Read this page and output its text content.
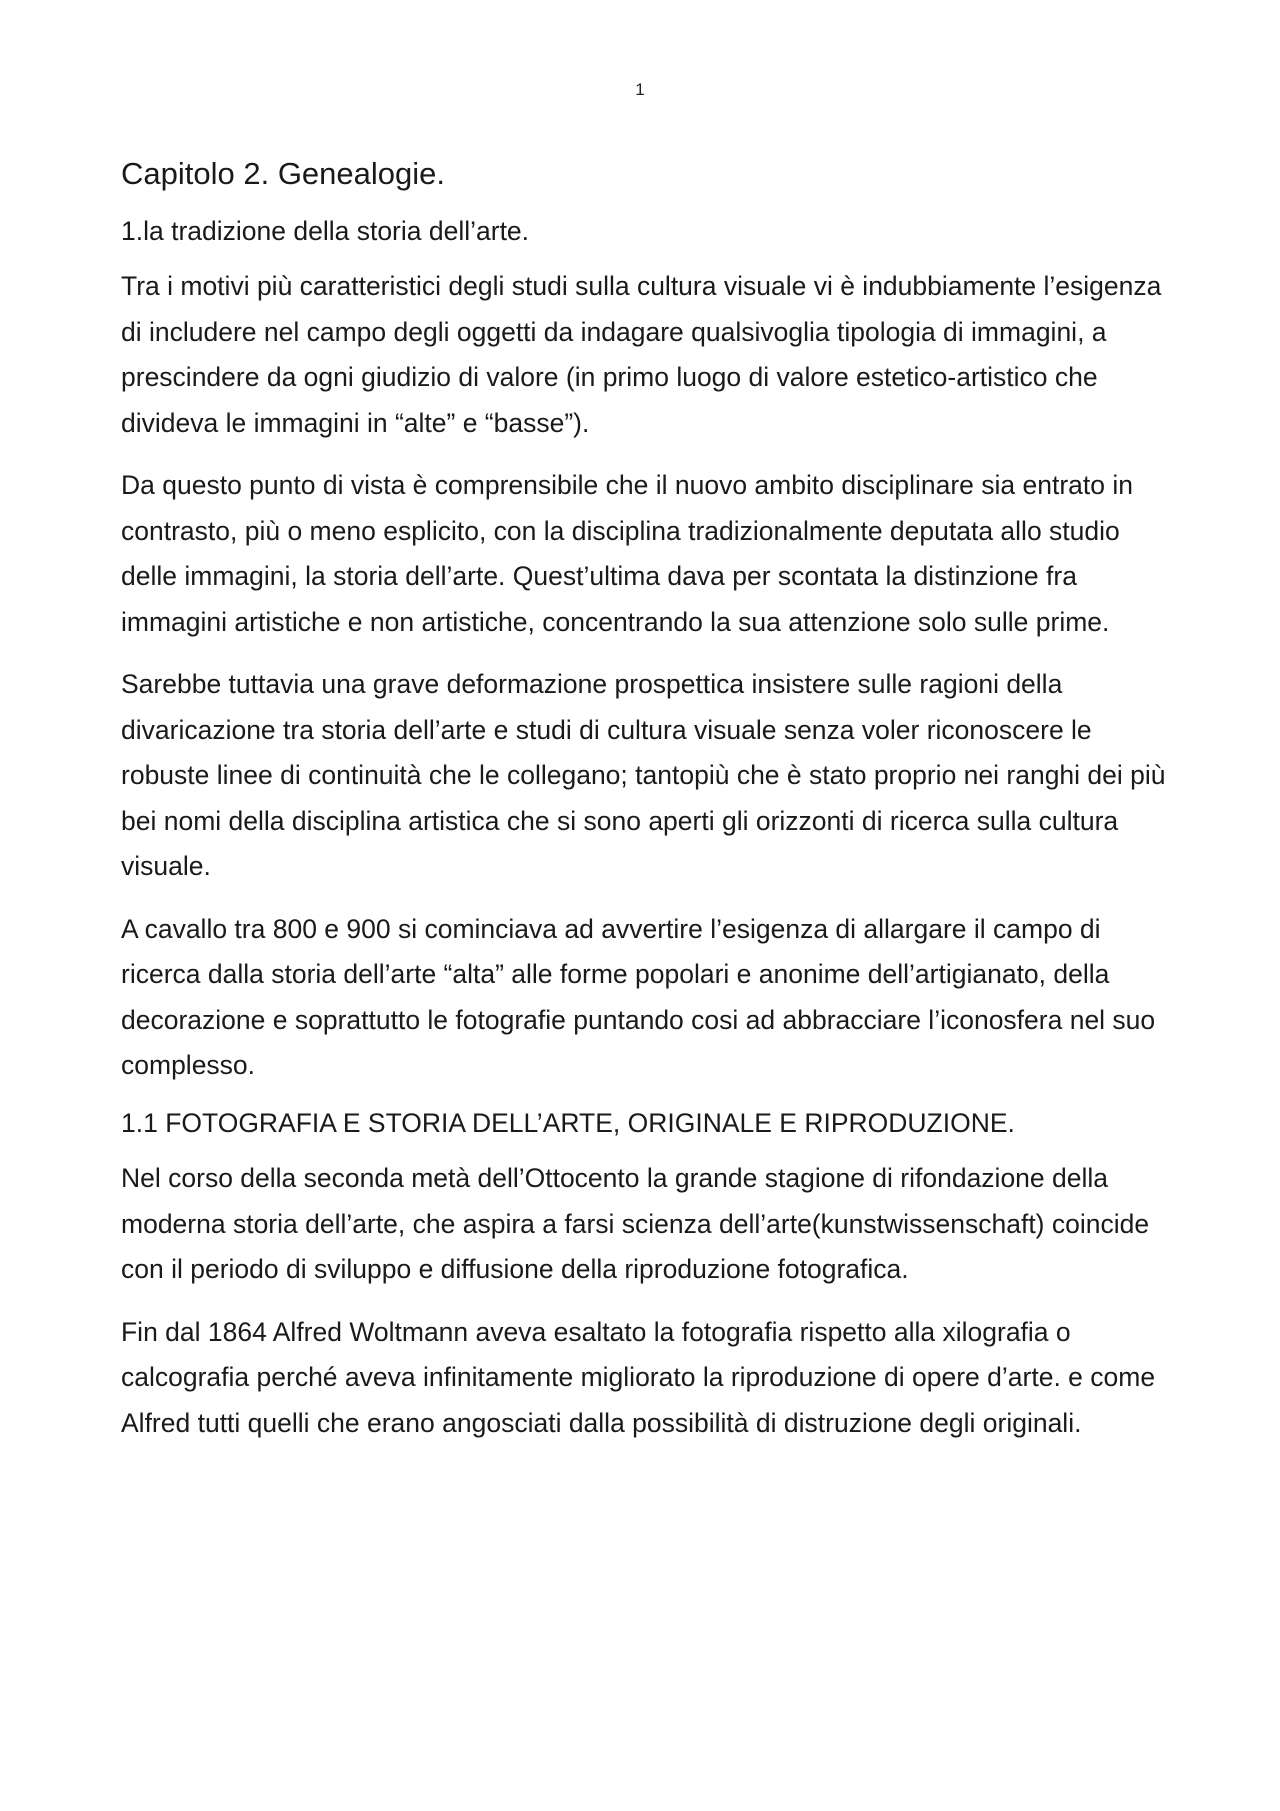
1
Capitolo 2. Genealogie.

1.la tradizione della storia dell’arte.

Tra i motivi più caratteristici degli studi sulla cultura visuale vi è indubbiamente l’esigenza di includere nel campo degli oggetti da indagare qualsivoglia tipologia di immagini, a prescindere da ogni giudizio di valore (in primo luogo di valore estetico-artistico che divideva le immagini in “alte” e “basse”).

Da questo punto di vista è comprensibile che il nuovo ambito disciplinare sia entrato in contrasto, più o meno esplicito, con la disciplina tradizionalmente deputata allo studio delle immagini, la storia dell’arte. Quest’ultima dava per scontata la distinzione fra immagini artistiche e non artistiche, concentrando la sua attenzione solo sulle prime.

Sarebbe tuttavia una grave deformazione prospettica insistere sulle ragioni della divaricazione tra storia dell’arte e studi di cultura visuale senza voler riconoscere le robuste linee di continuità che le collegano; tantopiù che è stato proprio nei ranghi dei più bei nomi della disciplina artistica che si sono aperti gli orizzonti di ricerca sulla cultura visuale.

A cavallo tra 800 e 900 si cominciava ad avvertire l’esigenza di allargare il campo di ricerca dalla storia dell’arte “alta” alle forme popolari e anonime dell’artigianato, della decorazione e soprattutto le fotografie puntando cosi ad abbracciare l’iconosfera nel suo complesso.

1.1 FOTOGRAFIA E STORIA DELL’ARTE, ORIGINALE E RIPRODUZIONE.

Nel corso della seconda metà dell’Ottocento la grande stagione di rifondazione della moderna storia dell’arte, che aspira a farsi scienza dell’arte(kunstwissenschaft) coincide con il periodo di sviluppo e diffusione della riproduzione fotografica.

Fin dal 1864 Alfred Woltmann aveva esaltato la fotografia rispetto alla xilografia o calcografia perché aveva infinitamente migliorato la riproduzione di opere d’arte. e come Alfred tutti quelli che erano angosciati dalla possibilità di distruzione degli originali.
